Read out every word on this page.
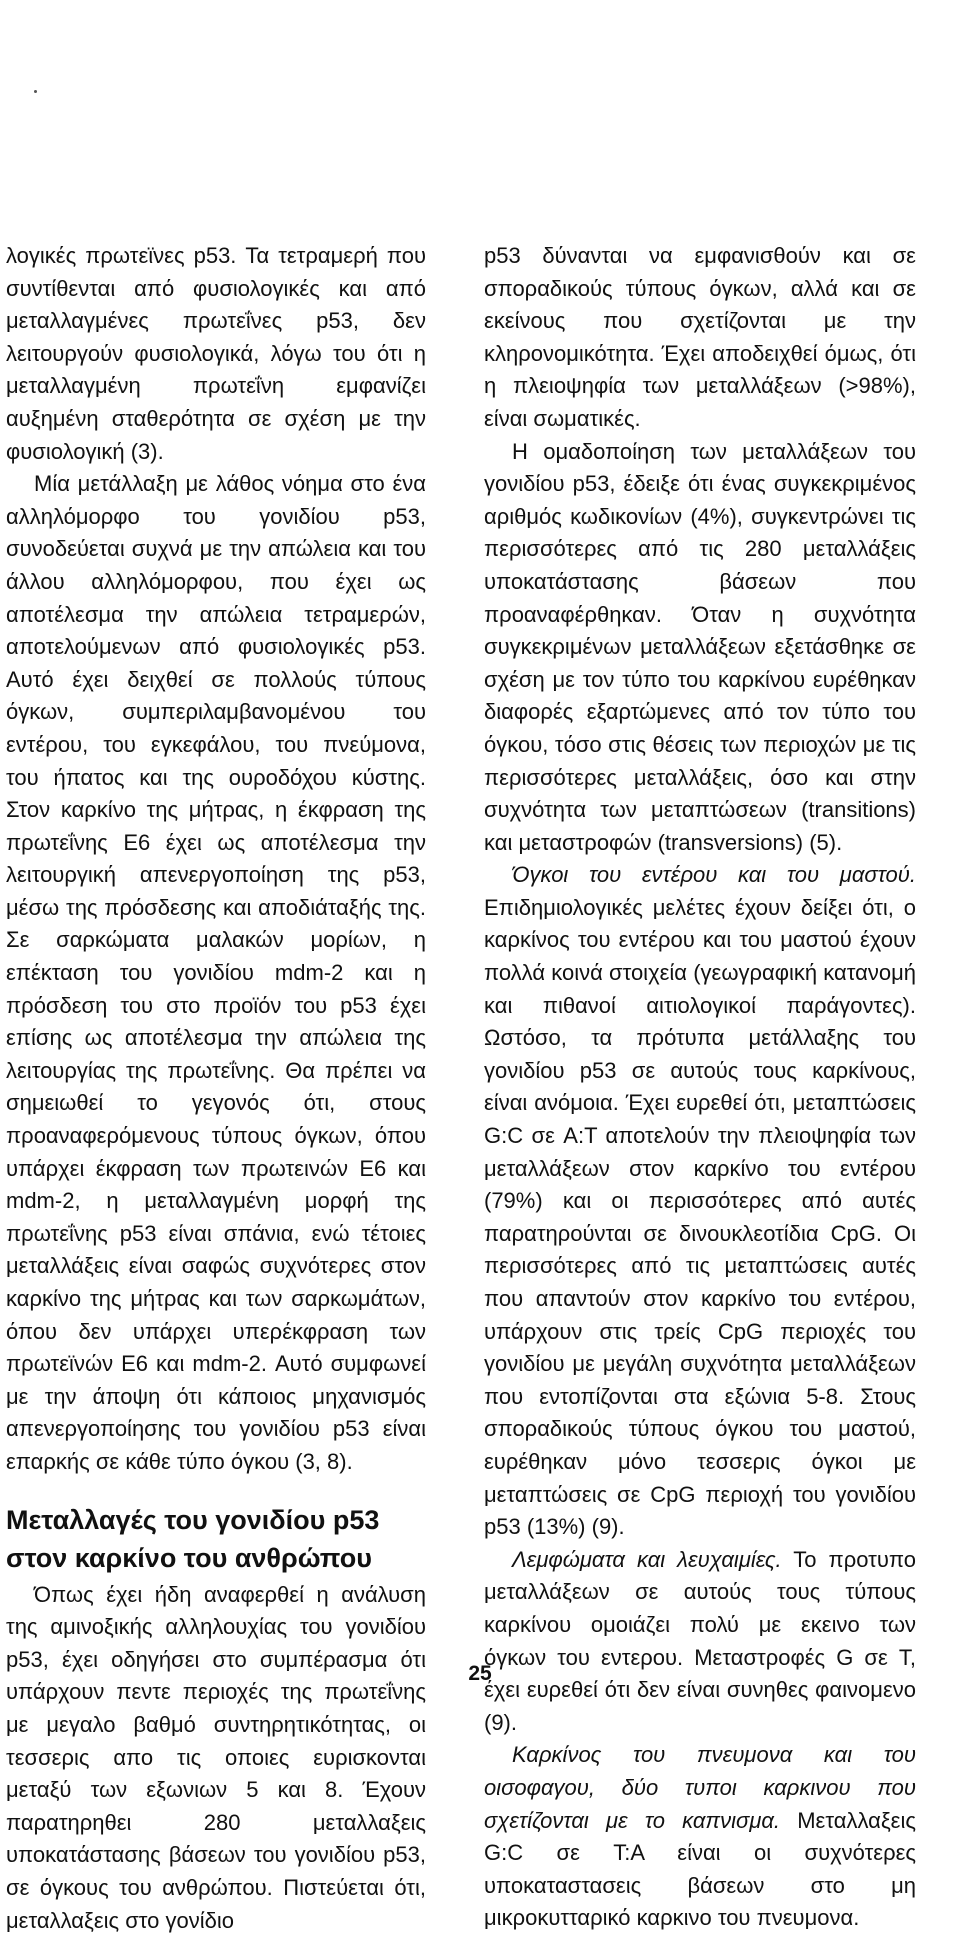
λογικές πρωτεϊνες p53. Τα τετραμερή που συντίθενται από φυσιολογικές και από μεταλλαγμένες πρωτεΐνες p53, δεν λειτουργούν φυσιολογικά, λόγω του ότι η μεταλλαγμένη πρωτεΐνη εμφανίζει αυξημένη σταθερότητα σε σχέση με την φυσιολογική (3).

Μία μετάλλαξη με λάθος νόημα στο ένα αλληλόμορφο του γονιδίου p53, συνοδεύεται συχνά με την απώλεια και του άλλου αλληλόμορφου, που έχει ως αποτέλεσμα την απώλεια τετραμερών, αποτελούμενων από φυσιολογικές p53. Αυτό έχει δειχθεί σε πολλούς τύπους όγκων, συμπεριλαμβανομένου του εντέρου, του εγκεφάλου, του πνεύμονα, του ήπατος και της ουροδόχου κύστης. Στον καρκίνο της μήτρας, η έκφραση της πρωτεΐνης Ε6 έχει ως αποτέλεσμα την λειτουργική απενεργοποίηση της p53, μέσω της πρόσδεσης και αποδιάταξής της. Σε σαρκώματα μαλακών μορίων, η επέκταση του γονιδίου mdm-2 και η πρόσδεση του στο προϊόν του p53 έχει επίσης ως αποτέλεσμα την απώλεια της λειτουργίας της πρωτεΐνης. Θα πρέπει να σημειωθεί το γεγονός ότι, στους προαναφερόμενους τύπους όγκων, όπου υπάρχει έκφραση των πρωτεινών Ε6 και mdm-2, η μεταλλαγμένη μορφή της πρωτεΐνης p53 είναι σπάνια, ενώ τέτοιες μεταλλάξεις είναι σαφώς συχνότερες στον καρκίνο της μήτρας και των σαρκωμάτων, όπου δεν υπάρχει υπερέκφραση των πρωτεϊνών Ε6 και mdm-2. Αυτό συμφωνεί με την άποψη ότι κάποιος μηχανισμός απενεργοποίησης του γονιδίου p53 είναι επαρκής σε κάθε τύπο όγκου (3, 8).

Μεταλλαγές του γονιδίου p53
στον καρκίνο του ανθρώπου

Όπως έχει ήδη αναφερθεί η ανάλυση της αμινοξικής αλληλουχίας του γονιδίου p53, έχει οδηγήσει στο συμπέρασμα ότι υπάρχουν πεντε περιοχές της πρωτεΐνης με μεγαλο βαθμό συντηρητικότητας, οι τεσσερις απο τις οποιες ευρισκονται μεταξύ των εξωνιων 5 και 8. Έχουν παρατηρηθει 280 μεταλλαξεις υποκατάστασης βάσεων του γονιδίου p53, σε όγκους του ανθρώπου. Πιστεύεται ότι, μεταλλαξεις στο γονίδιο

p53 δύνανται να εμφανισθούν και σε σποραδικούς τύπους όγκων, αλλά και σε εκείνους που σχετίζονται με την κληρονομικότητα. Έχει αποδειχθεί όμως, ότι η πλειοψηφία των μεταλλάξεων (>98%), είναι σωματικές.

Η ομαδοποίηση των μεταλλάξεων του γονιδίου p53, έδειξε ότι ένας συγκεκριμένος αριθμός κωδικονίων (4%), συγκεντρώνει τις περισσότερες από τις 280 μεταλλάξεις υποκατάστασης βάσεων που προαναφέρθηκαν. Όταν η συχνότητα συγκεκριμένων μεταλλάξεων εξετάσθηκε σε σχέση με τον τύπο του καρκίνου ευρέθηκαν διαφορές εξαρτώμενες από τον τύπο του όγκου, τόσο στις θέσεις των περιοχών με τις περισσότερες μεταλλάξεις, όσο και στην συχνότητα των μεταπτώσεων (transitions) και μεταστροφών (transversions) (5).

Όγκοι του εντέρου και του μαστού. Επιδημιολογικές μελέτες έχουν δείξει ότι, ο καρκίνος του εντέρου και του μαστού έχουν πολλά κοινά στοιχεία (γεωγραφική κατανομή και πιθανοί αιτιολογικοί παράγοντες). Ωστόσο, τα πρότυπα μετάλλαξης του γονιδίου p53 σε αυτούς τους καρκίνους, είναι ανόμοια. Έχει ευρεθεί ότι, μεταπτώσεις G:C σε A:T αποτελούν την πλειοψηφία των μεταλλάξεων στον καρκίνο του εντέρου (79%) και οι περισσότερες από αυτές παρατηρούνται σε δινουκλεοτίδια CpG. Οι περισσότερες από τις μεταπτώσεις αυτές που απαντούν στον καρκίνο του εντέρου, υπάρχουν στις τρείς CpG περιοχές του γονιδίου με μεγάλη συχνότητα μεταλλάξεων που εντοπίζονται στα εξώνια 5-8. Στους σποραδικούς τύπους όγκου του μαστού, ευρέθηκαν μόνο τεσσερις όγκοι με μεταπτώσεις σε CpG περιοχή του γονιδίου p53 (13%) (9).

Λεμφώματα και λευχαιμίες. Το προτυπο μεταλλάξεων σε αυτούς τους τύπους καρκίνου ομοιάζει πολύ με εκεινο των όγκων του εντερου. Μεταστροφές G σε T, έχει ευρεθεί ότι δεν είναι συνηθες φαινομενο (9).

Καρκίνος του πνευμονα και του οισοφαγου, δύο τυποι καρκινου που σχετίζονται με το καπνισμα. Μεταλλαξεις G:C σε T:A είναι οι συχνότερες υποκαταστασεις βάσεων στο μη μικροκυτταρικό καρκινο του πνευμονα.

25
